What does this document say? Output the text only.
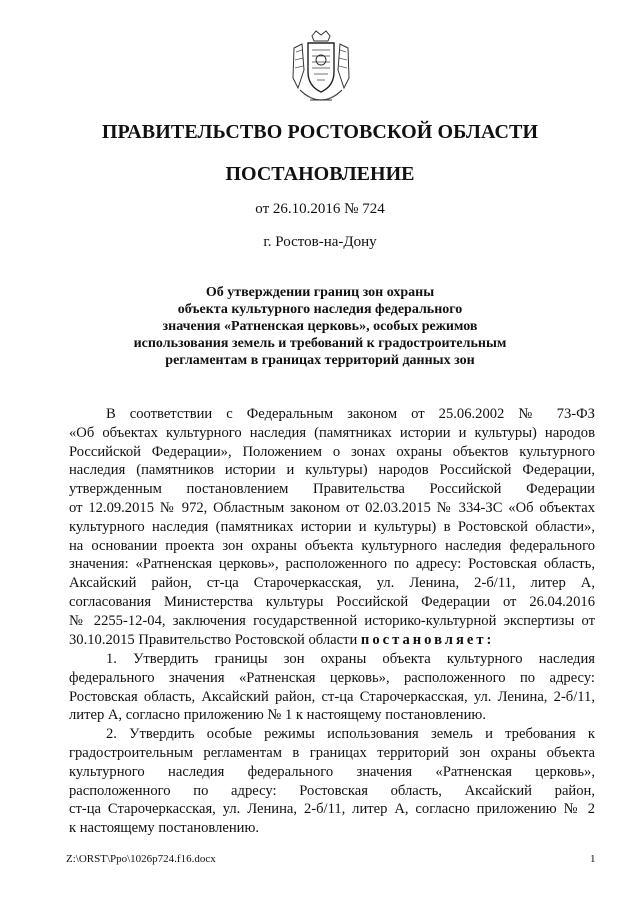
ПРАВИТЕЛЬСТВО РОСТОВСКОЙ ОБЛАСТИ
ПОСТАНОВЛЕНИЕ
от 26.10.2016 № 724
г. Ростов-на-Дону
Об утверждении границ зон охраны
объекта культурного наследия федерального
значения «Ратненская церковь», особых режимов
использования земель и требований к градостроительным
регламентам в границах территорий данных зон
В соответствии с Федеральным законом от 25.06.2002 № 73-ФЗ
«Об объектах культурного наследия (памятниках истории и культуры) народов
Российской Федерации», Положением о зонах охраны объектов культурного
наследия (памятников истории и культуры) народов Российской Федерации,
утвержденным постановлением Правительства Российской Федерации
от 12.09.2015 № 972, Областным законом от 02.03.2015 № 334-ЗС «Об объектах
культурного наследия (памятниках истории и культуры) в Ростовской области»,
на основании проекта зон охраны объекта культурного наследия федерального
значения: «Ратненская церковь», расположенного по адресу: Ростовская область,
Аксайский район, ст-ца Старочеркасская, ул. Ленина, 2-б/11, литер А,
согласования Министерства культуры Российской Федерации от 26.04.2016
№ 2255-12-04, заключения государственной историко-культурной экспертизы от
30.10.2015 Правительство Ростовской области постановляет:
1. Утвердить границы зон охраны объекта культурного наследия
федерального значения «Ратненская церковь», расположенного по адресу:
Ростовская область, Аксайский район, ст-ца Старочеркасская, ул. Ленина, 2-б/11,
литер А, согласно приложению № 1 к настоящему постановлению.
2. Утвердить особые режимы использования земель и требования к
градостроительным регламентам в границах территорий зон охраны объекта
культурного наследия федерального значения «Ратненская церковь»,
расположенного по адресу: Ростовская область, Аксайский район,
ст-ца Старочеркасская, ул. Ленина, 2-б/11, литер А, согласно приложению № 2
к настоящему постановлению.
Z:\ORST\Ppo\1026p724.f16.docx	1
